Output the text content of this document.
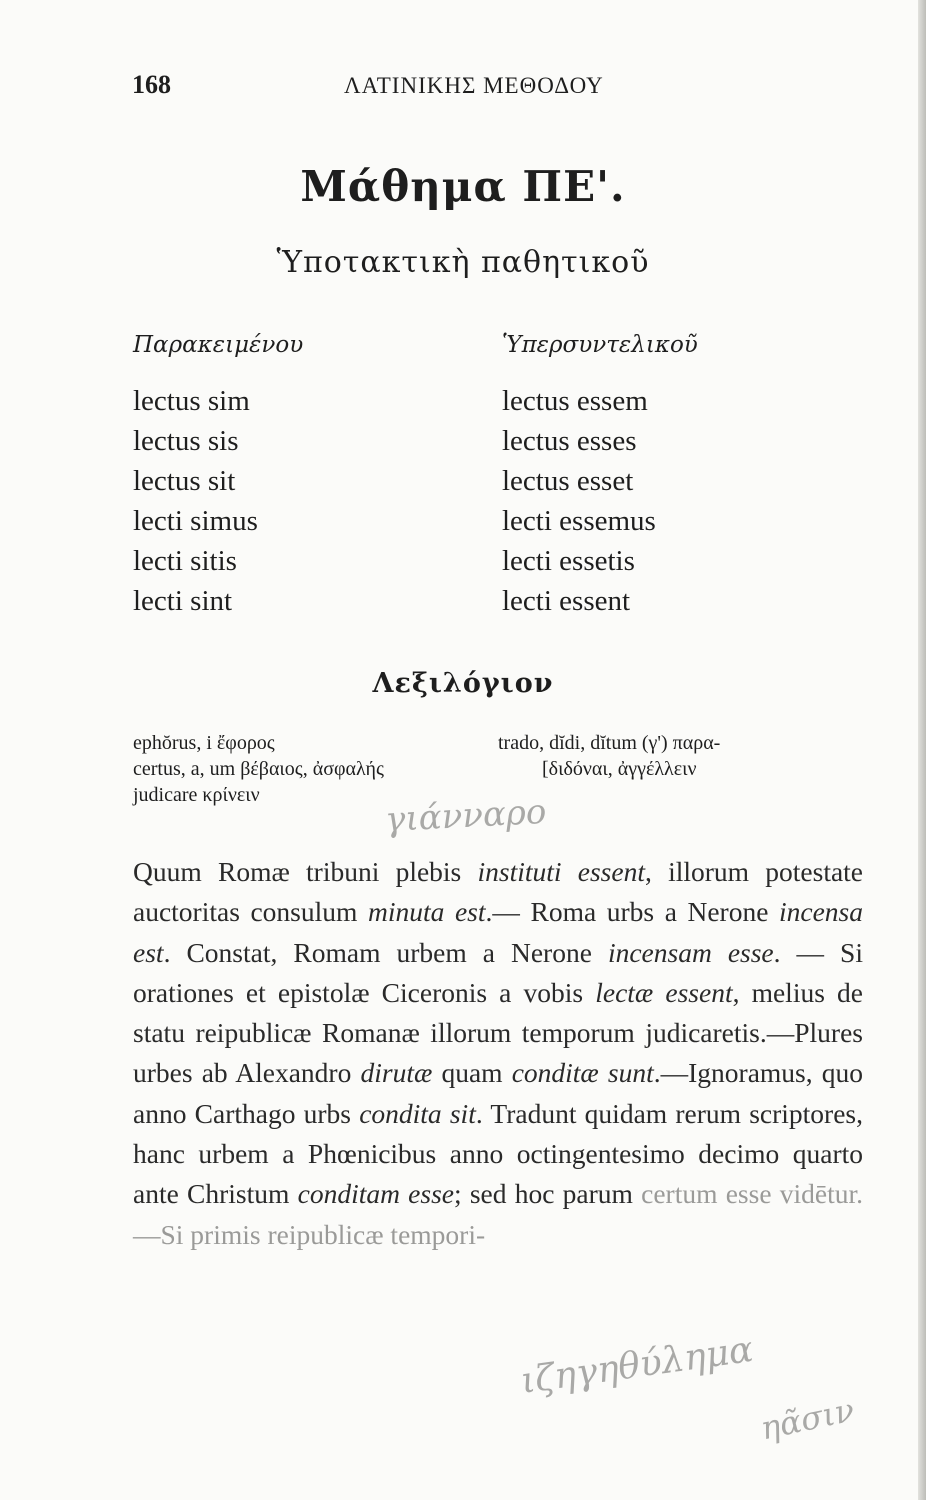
168	ΛΑΤΙΝΙΚΗΣ ΜΕΘΟΔΟΥ
Μάθημα ΠΕ'.
Ὑποτακτικὴ παθητικοῦ
Παρακειμένου	Ὑπερσυντελικοῦ
lectus sim
lectus sis
lectus sit
lecti simus
lecti sitis
lecti sint
lectus essem
lectus esses
lectus esset
lecti essemus
lecti essetis
lecti essent
Λεξιλόγιον
ephŏrus, i ἔφορος
certus, a, um βέβαιος, ἀσφαλής
judicare κρίνειν
trado, dĭdi, dĭtum (γ') παρα-
[διδόναι, ἀγγέλλειν
γιάνναρο
Quum Romæ tribuni plebis instituti essent, illorum potestate auctoritas consulum minuta est.— Roma urbs a Nerone incensa est. Constat, Romam urbem a Nerone incensam esse. — Si orationes et epistolæ Ciceronis a vobis lectæ essent, melius de statu reipublicæ Romanæ illorum temporum judicaretis.—Plures urbes ab Alexandro dirutæ quam conditæ sunt.—Ignoramus, quo anno Carthago urbs condita sit. Tradunt quidam rerum scriptores, hanc urbem a Phœnicibus anno octingentesimo decimo quarto ante Christum conditam esse; sed hoc parum certum esse vidētur.—Si primis reipublicæ tempori-
ιζηγηθύλημα
ηᾶσιν
